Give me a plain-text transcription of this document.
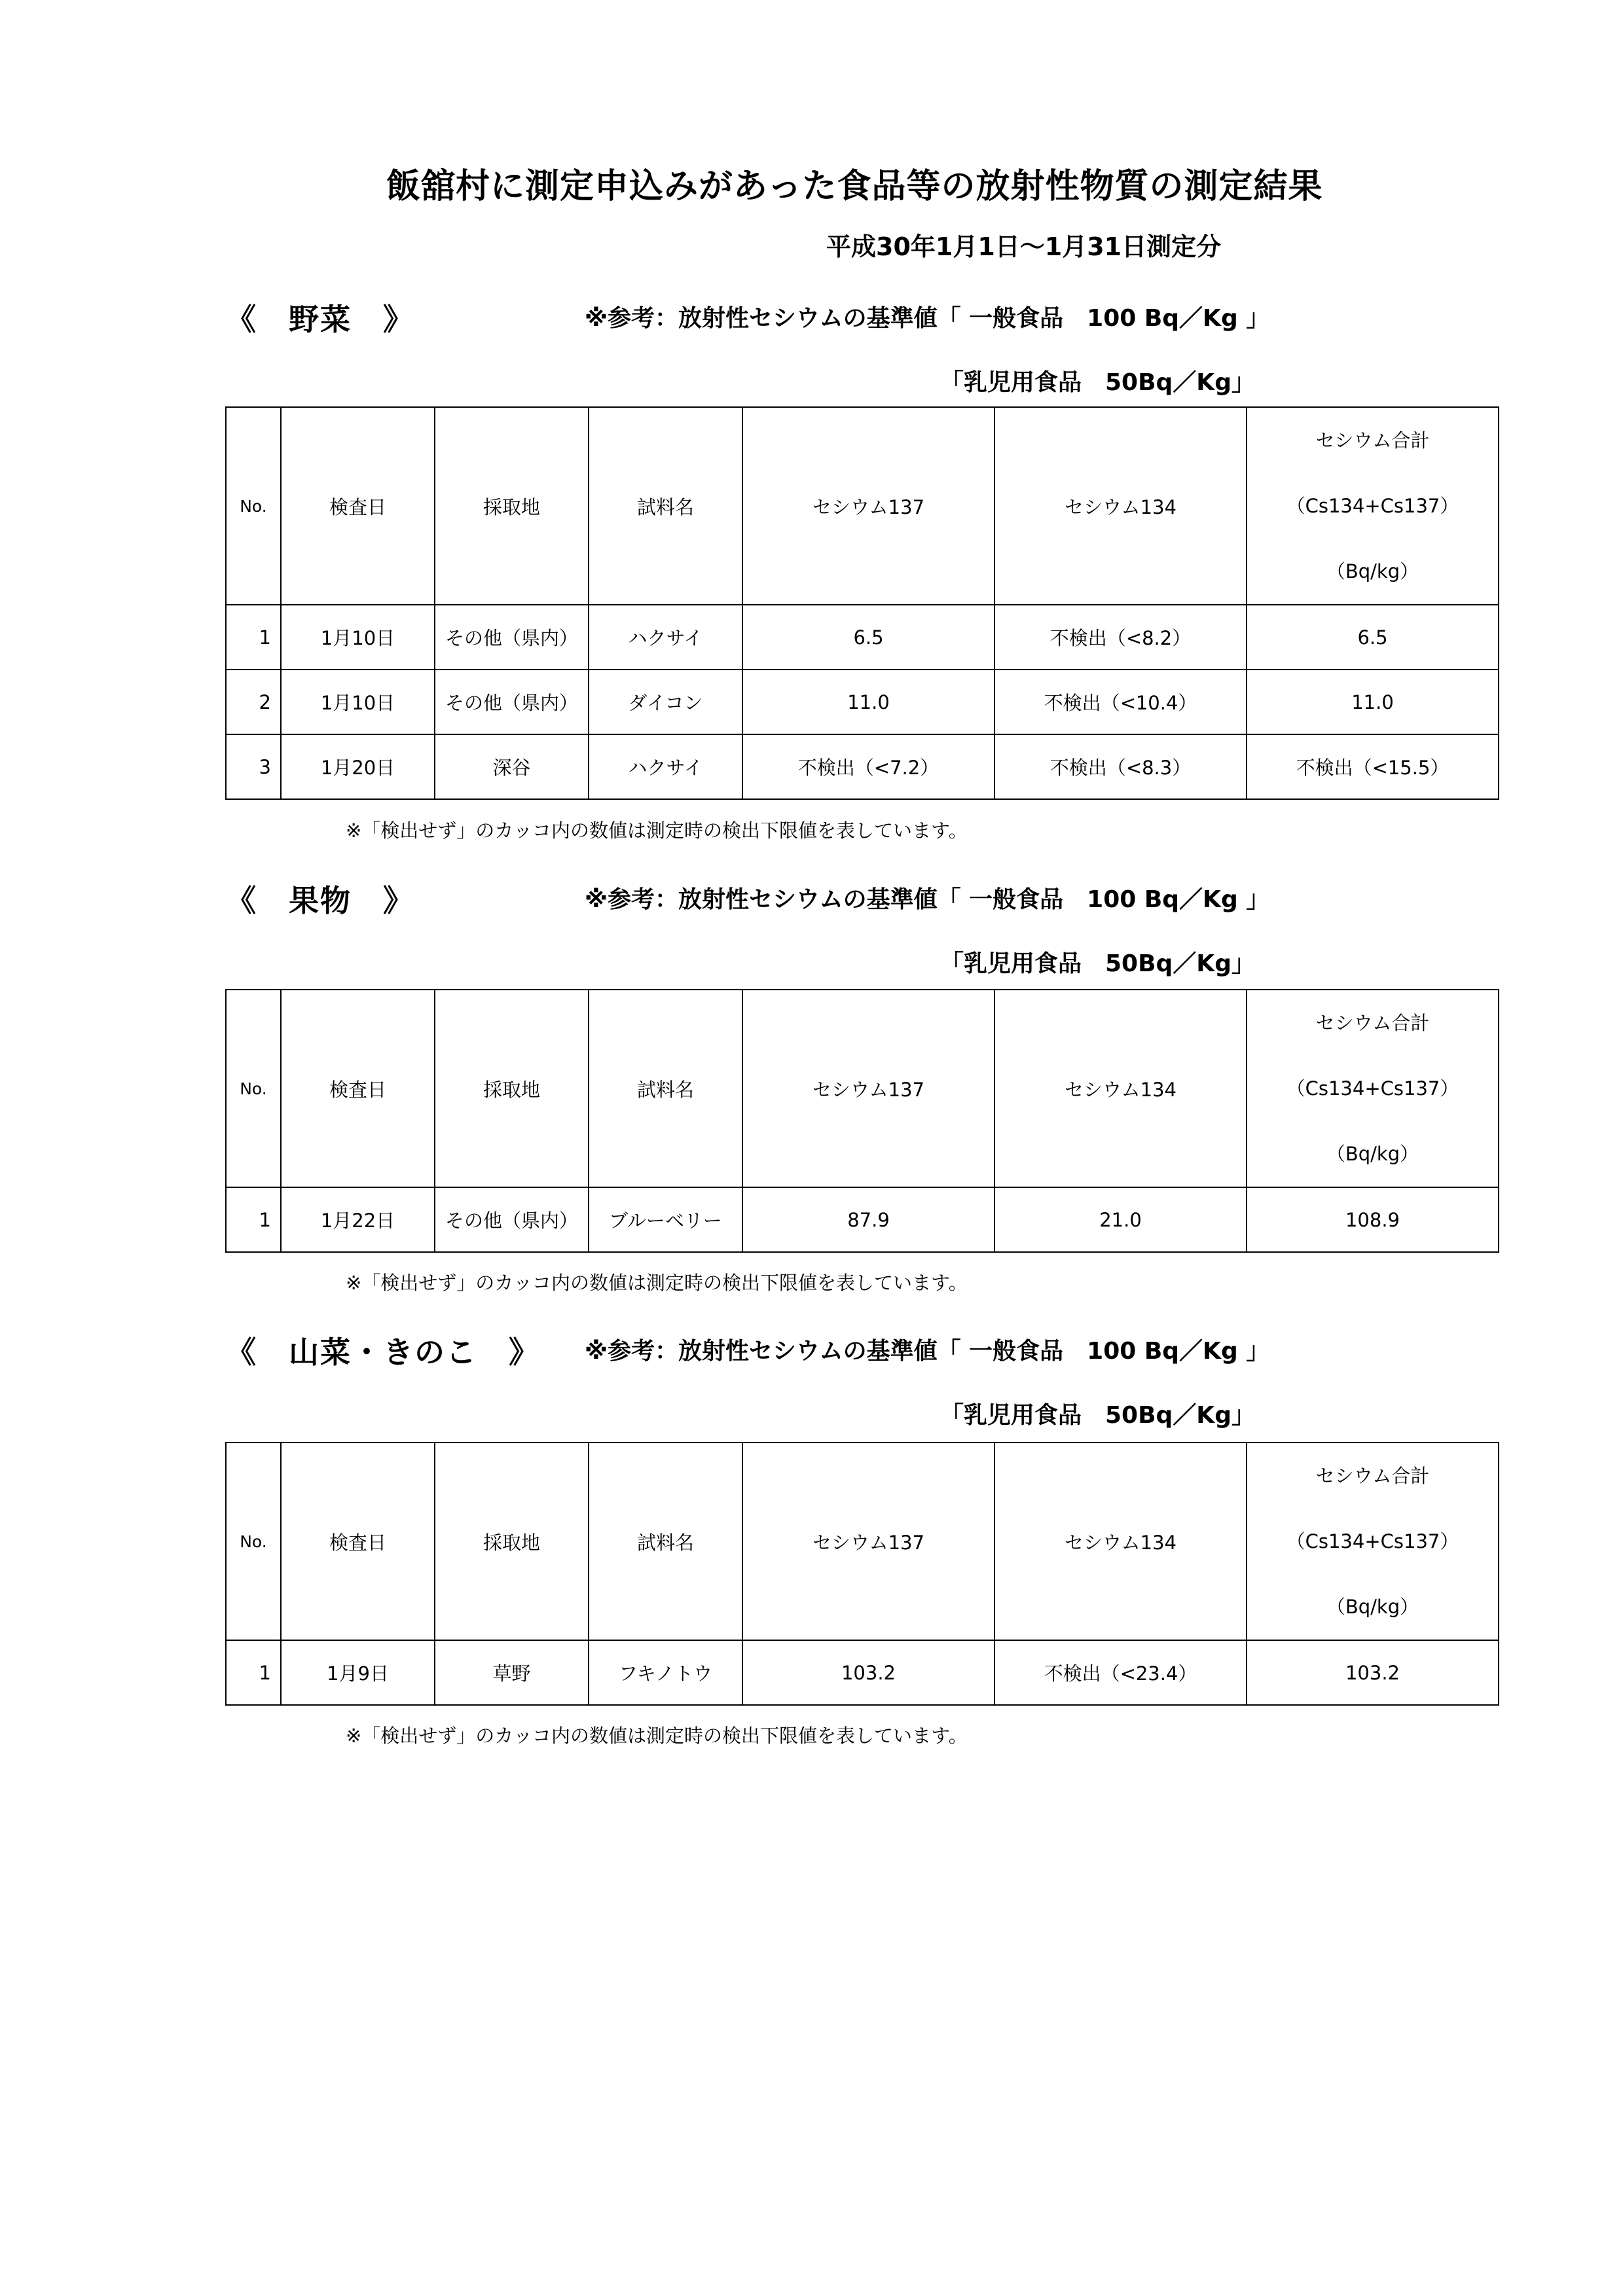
飯舘村に測定申込みがあった食品等の放射性物質の測定結果
平成30年1月1日～1月31日測定分
《　野菜　》	※参考：放射性セシウムの基準値「 一般食品　100 Bq／Kg 」
「乳児用食品　50Bq／Kg」
No.	検査日	採取地	試料名	セシウム137	セシウム134	セシウム合計
（Cs134+Cs137）
（Bq/kg）

1	1月10日	その他（県内）	ハクサイ	6.5	不検出（<8.2）	6.5
2	1月10日	その他（県内）	ダイコン	11.0	不検出（<10.4）	11.0
3	1月20日	深谷	ハクサイ	不検出（<7.2）	不検出（<8.3）	不検出（<15.5）
※「検出せず」のカッコ内の数値は測定時の検出下限値を表しています。
《　果物　》	※参考：放射性セシウムの基準値「 一般食品　100 Bq／Kg 」
「乳児用食品　50Bq／Kg」
No.	検査日	採取地	試料名	セシウム137	セシウム134	セシウム合計
（Cs134+Cs137）
（Bq/kg）

1	1月22日	その他（県内）	ブルーベリー	87.9	21.0	108.9
※「検出せず」のカッコ内の数値は測定時の検出下限値を表しています。
《　山菜・きのこ　》 ※参考：放射性セシウムの基準値「 一般食品　100 Bq／Kg 」
「乳児用食品　50Bq／Kg」
No.	検査日	採取地	試料名	セシウム137	セシウム134	セシウム合計
（Cs134+Cs137）
（Bq/kg）

1	1月9日	草野	フキノトウ	103.2	不検出（<23.4）	103.2
※「検出せず」のカッコ内の数値は測定時の検出下限値を表しています。
